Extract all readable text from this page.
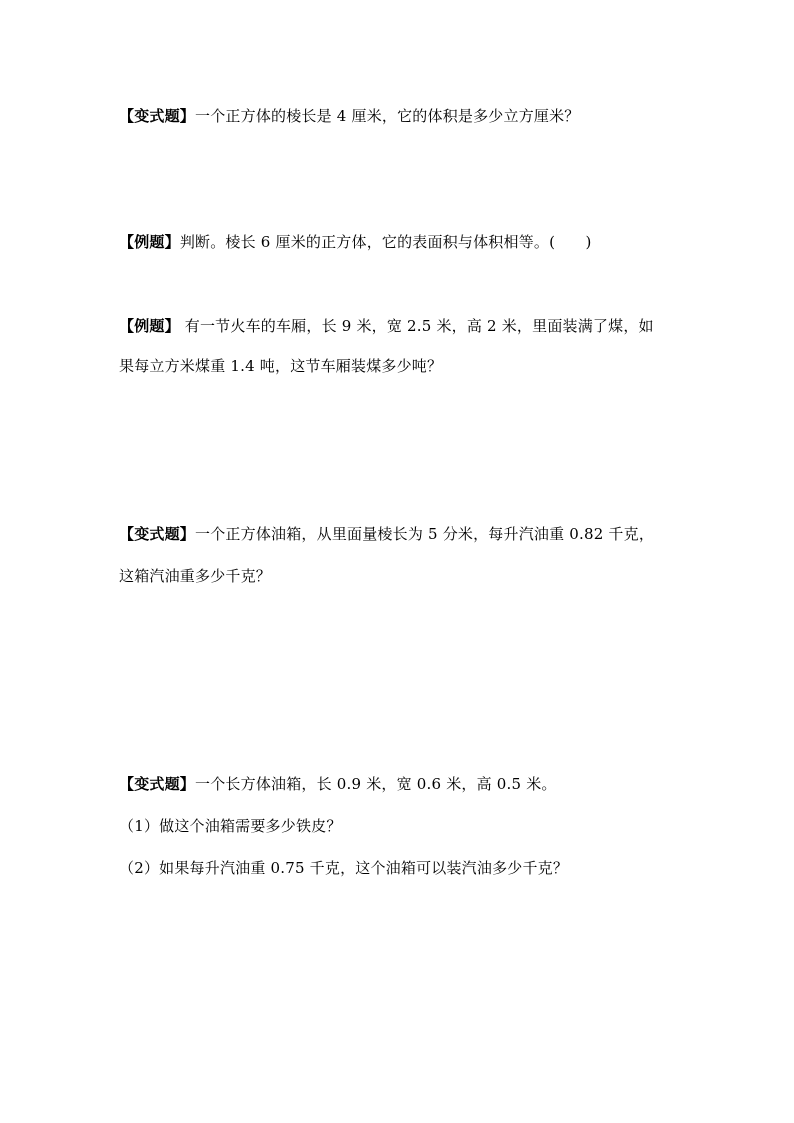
【变式题】一个正方体的棱长是 4 厘米，它的体积是多少立方厘米？
【例题】判断。棱长 6 厘米的正方体，它的表面积与体积相等。(　　)
【例题】 有一节火车的车厢，长 9 米，宽 2.5 米，高 2 米，里面装满了煤，如
果每立方米煤重 1.4 吨，这节车厢装煤多少吨？
【变式题】一个正方体油箱，从里面量棱长为 5 分米，每升汽油重 0.82 千克，
这箱汽油重多少千克？
【变式题】一个长方体油箱，长 0.9 米，宽 0.6 米，高 0.5 米。
（1）做这个油箱需要多少铁皮？
（2）如果每升汽油重 0.75 千克，这个油箱可以装汽油多少千克？
